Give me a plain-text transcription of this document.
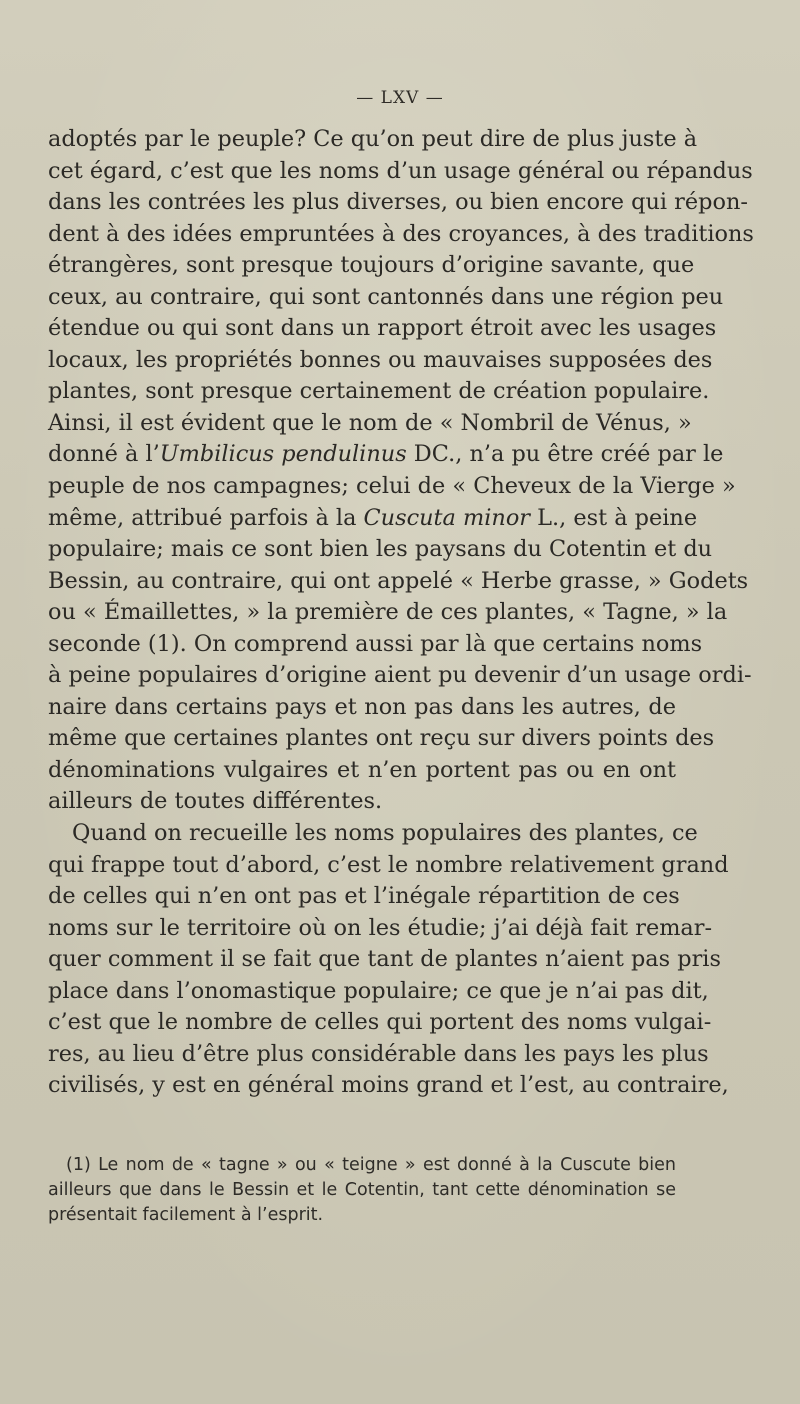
— LXV —
adoptés par le peuple? Ce qu’on peut dire de plus juste à
cet égard, c’est que les noms d’un usage général ou répandus
dans les contrées les plus diverses, ou bien encore qui répon-
dent à des idées empruntées à des croyances, à des traditions
étrangères, sont presque toujours d’origine savante, que
ceux, au contraire, qui sont cantonnés dans une région peu
étendue ou qui sont dans un rapport étroit avec les usages
locaux, les propriétés bonnes ou mauvaises supposées des
plantes, sont presque certainement de création populaire.
Ainsi, il est évident que le nom de « Nombril de Vénus, »
donné à l’Umbilicus pendulinus DC., n’a pu être créé par le
peuple de nos campagnes; celui de « Cheveux de la Vierge »
même, attribué parfois à la Cuscuta minor L., est à peine
populaire; mais ce sont bien les paysans du Cotentin et du
Bessin, au contraire, qui ont appelé « Herbe grasse, » Godets
ou « Émaillettes, » la première de ces plantes, « Tagne, » la
seconde (1). On comprend aussi par là que certains noms
à peine populaires d’origine aient pu devenir d’un usage ordi-
naire dans certains pays et non pas dans les autres, de
même que certaines plantes ont reçu sur divers points des
dénominations vulgaires et n’en portent pas ou en ont
ailleurs de toutes différentes.
Quand on recueille les noms populaires des plantes, ce
qui frappe tout d’abord, c’est le nombre relativement grand
de celles qui n’en ont pas et l’inégale répartition de ces
noms sur le territoire où on les étudie; j’ai déjà fait remar-
quer comment il se fait que tant de plantes n’aient pas pris
place dans l’onomastique populaire; ce que je n’ai pas dit,
c’est que le nombre de celles qui portent des noms vulgai-
res, au lieu d’être plus considérable dans les pays les plus
civilisés, y est en général moins grand et l’est, au contraire,
(1) Le nom de « tagne » ou « teigne » est donné à la Cuscute bien
ailleurs que dans le Bessin et le Cotentin, tant cette dénomination se
présentait facilement à l’esprit.
